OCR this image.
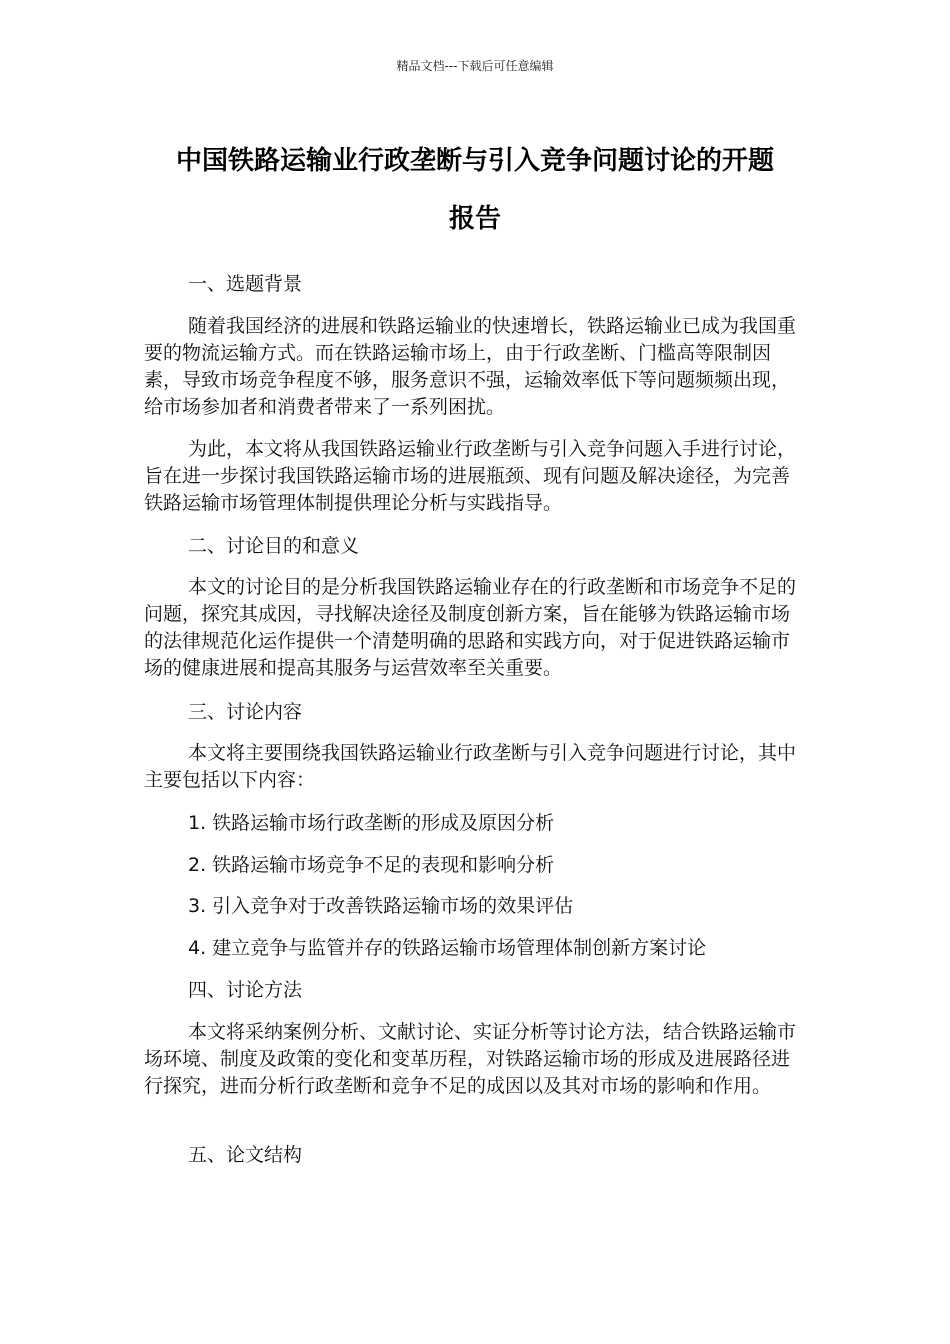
精品文档---下载后可任意编辑
中国铁路运输业行政垄断与引入竞争问题讨论的开题
报告

一、选题背景

随着我国经济的进展和铁路运输业的快速增长，铁路运输业已成为我国重要的物流运输方式。而在铁路运输市场上，由于行政垄断、门槛高等限制因素，导致市场竞争程度不够，服务意识不强，运输效率低下等问题频频出现，给市场参加者和消费者带来了一系列困扰。

为此，本文将从我国铁路运输业行政垄断与引入竞争问题入手进行讨论，旨在进一步探讨我国铁路运输市场的进展瓶颈、现有问题及解决途径，为完善铁路运输市场管理体制提供理论分析与实践指导。

二、讨论目的和意义

本文的讨论目的是分析我国铁路运输业存在的行政垄断和市场竞争不足的问题，探究其成因，寻找解决途径及制度创新方案，旨在能够为铁路运输市场的法律规范化运作提供一个清楚明确的思路和实践方向，对于促进铁路运输市场的健康进展和提高其服务与运营效率至关重要。

三、讨论内容

本文将主要围绕我国铁路运输业行政垄断与引入竞争问题进行讨论，其中主要包括以下内容：

1. 铁路运输市场行政垄断的形成及原因分析

2. 铁路运输市场竞争不足的表现和影响分析

3. 引入竞争对于改善铁路运输市场的效果评估

4. 建立竞争与监管并存的铁路运输市场管理体制创新方案讨论

四、讨论方法

本文将采纳案例分析、文献讨论、实证分析等讨论方法，结合铁路运输市场环境、制度及政策的变化和变革历程，对铁路运输市场的形成及进展路径进行探究，进而分析行政垄断和竞争不足的成因以及其对市场的影响和作用。

五、论文结构
